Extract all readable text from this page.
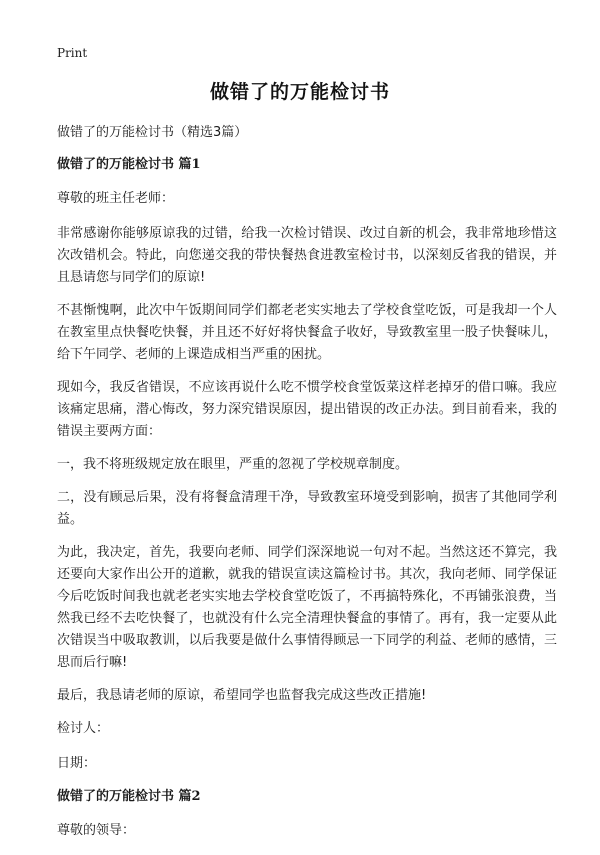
Print
做错了的万能检讨书
做错了的万能检讨书（精选3篇）
做错了的万能检讨书 篇1
尊敬的班主任老师：
非常感谢你能够原谅我的过错，给我一次检讨错误、改过自新的机会，我非常地珍惜这次改错机会。特此，向您递交我的带快餐热食进教室检讨书，以深刻反省我的错误，并且恳请您与同学们的原谅!
不甚惭愧啊，此次中午饭期间同学们都老老实实地去了学校食堂吃饭，可是我却一个人在教室里点快餐吃快餐，并且还不好好将快餐盒子收好，导致教室里一股子快餐味儿，给下午同学、老师的上课造成相当严重的困扰。
现如今，我反省错误，不应该再说什么吃不惯学校食堂饭菜这样老掉牙的借口嘛。我应该痛定思痛，潜心悔改，努力深究错误原因，提出错误的改正办法。到目前看来，我的错误主要两方面：
一，我不将班级规定放在眼里，严重的忽视了学校规章制度。
二，没有顾忌后果，没有将餐盒清理干净，导致教室环境受到影响，损害了其他同学利益。
为此，我决定，首先，我要向老师、同学们深深地说一句对不起。当然这还不算完，我还要向大家作出公开的道歉，就我的错误宣读这篇检讨书。其次，我向老师、同学保证今后吃饭时间我也就老老实实地去学校食堂吃饭了，不再搞特殊化，不再铺张浪费，当然我已经不去吃快餐了，也就没有什么完全清理快餐盒的事情了。再有，我一定要从此次错误当中吸取教训，以后我要是做什么事情得顾忌一下同学的利益、老师的感情，三思而后行嘛!
最后，我恳请老师的原谅，希望同学也监督我完成这些改正措施!
检讨人：
日期：
做错了的万能检讨书 篇2
尊敬的领导：
